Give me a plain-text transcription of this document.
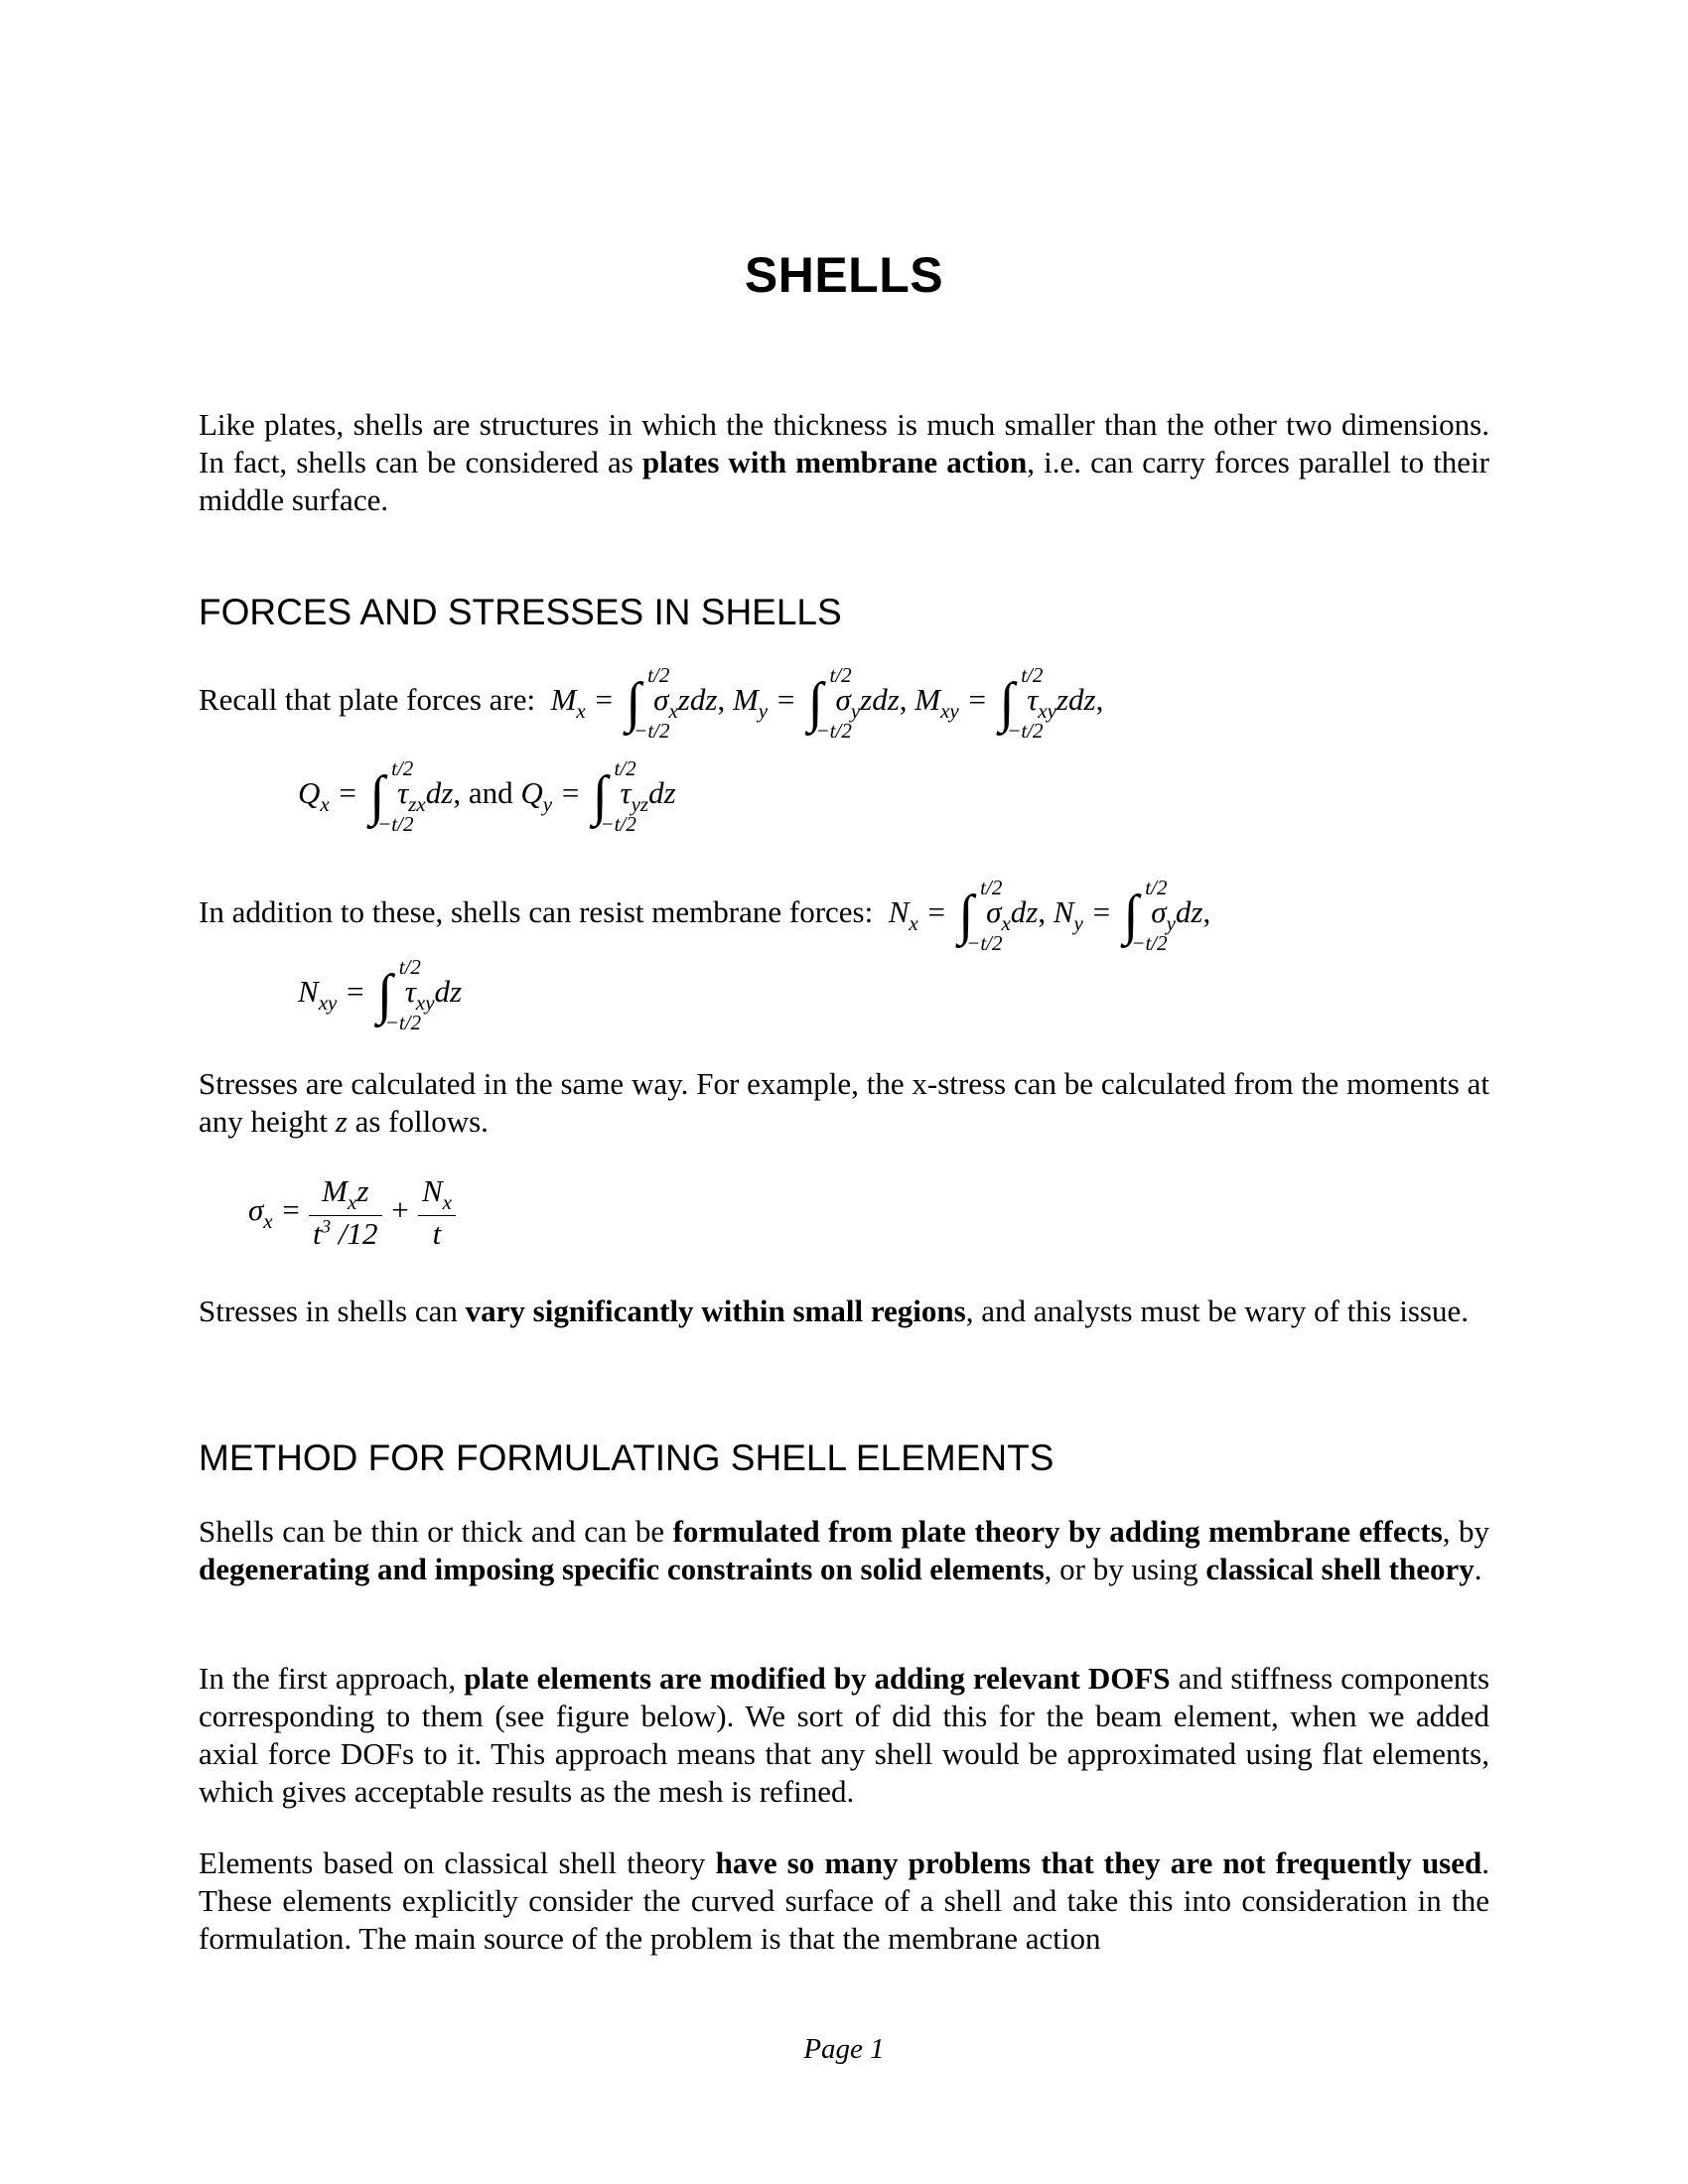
SHELLS
Like plates, shells are structures in which the thickness is much smaller than the other two dimensions. In fact, shells can be considered as plates with membrane action, i.e. can carry forces parallel to their middle surface.
FORCES AND STRESSES IN SHELLS
Recall that plate forces are:  $M_x$ = ∫ t/2
−t/2
$\sigma_xzdz$, $M_y$ = ∫ t/2
−t/2
$\sigma_yzdz$, $M_{xy}$ = ∫ t/2
−t/2
$\tau_{xy}zdz$,
$Q_x$ = ∫ t/2
−t/2
$\tau_{zx}dz$, and $Q_y$ = ∫ t/2
−t/2
$\tau_{yz}dz$
In addition to these, shells can resist membrane forces:  $N_x$ = ∫ t/2
−t/2
$\sigma_xdz$, $N_y$ = ∫ t/2
−t/2
$\sigma_ydz$,
$N_{xy}$ = ∫ t/2
−t/2
$\tau_{xy}dz$
Stresses are calculated in the same way. For example, the x-stress can be calculated from the moments at any height z as follows.
$\sigma_x = \frac{M_xz}{t^3 /12} + \frac{N_x}{t}$
Stresses in shells can vary significantly within small regions, and analysts must be wary of this issue.
METHOD FOR FORMULATING SHELL ELEMENTS
Shells can be thin or thick and can be formulated from plate theory by adding membrane effects, by degenerating and imposing specific constraints on solid elements, or by using classical shell theory.
In the first approach, plate elements are modified by adding relevant DOFS and stiffness components corresponding to them (see figure below). We sort of did this for the beam element, when we added axial force DOFs to it. This approach means that any shell would be approximated using flat elements, which gives acceptable results as the mesh is refined.
Elements based on classical shell theory have so many problems that they are not frequently used. These elements explicitly consider the curved surface of a shell and take this into consideration in the formulation. The main source of the problem is that the membrane action
Page 1
